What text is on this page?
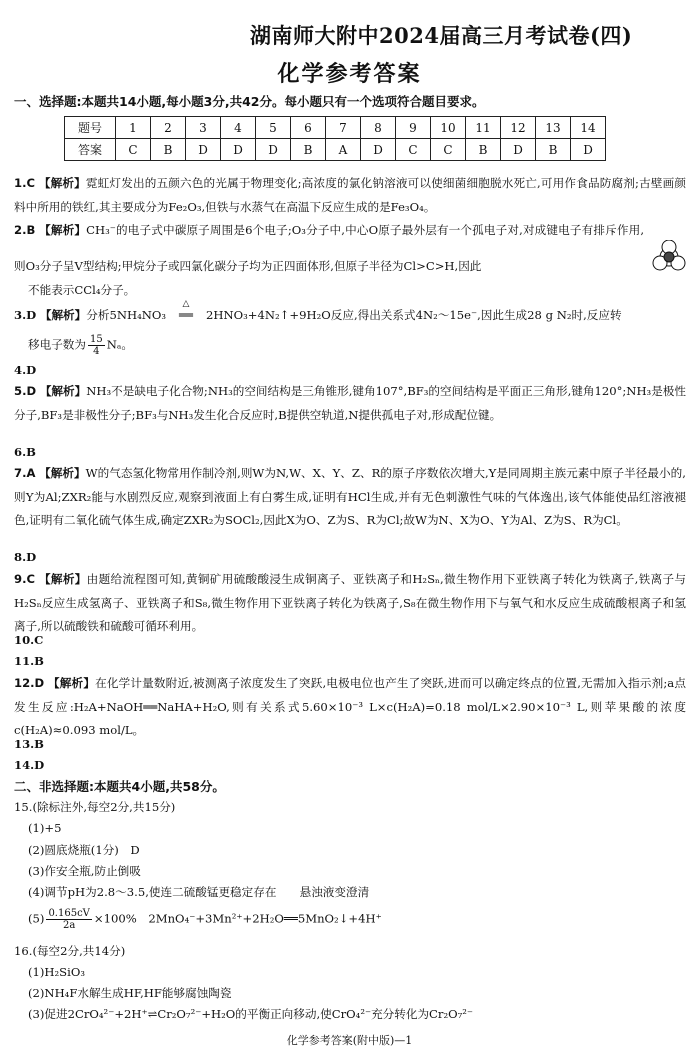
湖南师大附中2024届高三月考试卷(四)
化学参考答案
一、选择题:本题共14小题,每小题3分,共42分。每小题只有一个选项符合题目要求。
题号	1	2	3	4	5	6	7	8	9	10	11	12	13	14
答案	C	B	D	D	D	B	A	D	C	C	B	D	B	D
1.C 【解析】霓虹灯发出的五颜六色的光属于物理变化;高浓度的氯化钠溶液可以使细菌细胞脱水死亡,可用作食品防腐剂;古壁画颜料中所用的铁红,其主要成分为Fe₂O₃,但铁与水蒸气在高温下反应生成的是Fe₃O₄。
2.B 【解析】CH₃⁻的电子式中碳原子周围是6个电子;O₃分子中,中心O原子最外层有一个孤电子对,对成键电子有排斥作用,则O₃分子呈V型结构;甲烷分子或四氯化碳分子均为正四面体形,但原子半径为Cl>C>H,因此
不能表示CCl₄分子。
3.D 【解析】分析5NH₄NO₃
△
══ 2HNO₃+4N₂↑+9H₂O反应,得出关系式4N₂～15e⁻,因此生成28 g N₂时,反应转
移电子数为 $\frac{15}{4}$ Nₐ。
4.D
5.D 【解析】NH₃不是缺电子化合物;NH₃的空间结构是三角锥形,键角107°,BF₃的空间结构是平面正三角形,键角120°;NH₃是极性分子,BF₃是非极性分子;BF₃与NH₃发生化合反应时,B提供空轨道,N提供孤电子对,形成配位键。
6.B
7.A 【解析】W的气态氢化物常用作制冷剂,则W为N,W、X、Y、Z、R的原子序数依次增大,Y是同周期主族元素中原子半径最小的,则Y为Al;ZXR₂能与水剧烈反应,观察到液面上有白雾生成,证明有HCl生成,并有无色刺激性气味的气体逸出,该气体能使品红溶液褪色,证明有二氧化硫气体生成,确定ZXR₂为SOCl₂,因此X为O、Z为S、R为Cl;故W为N、X为O、Y为Al、Z为S、R为Cl。
8.D
9.C 【解析】由题给流程图可知,黄铜矿用硫酸酸浸生成铜离子、亚铁离子和H₂Sₙ,微生物作用下亚铁离子转化为铁离子,铁离子与H₂Sₙ反应生成氢离子、亚铁离子和S₈,微生物作用下亚铁离子转化为铁离子,S₈在微生物作用下与氧气和水反应生成硫酸根离子和氢离子,所以硫酸铁和硫酸可循环利用。
10.C
11.B
12.D 【解析】在化学计量数附近,被测离子浓度发生了突跃,电极电位也产生了突跃,进而可以确定终点的位置,无需加入指示剂;a点发生反应:H₂A+NaOH══NaHA+H₂O,则有关系式5.60×10⁻³ L×c(H₂A)=0.18 mol/L×2.90×10⁻³ L,则苹果酸的浓度c(H₂A)≈0.093 mol/L。
13.B
14.D
二、非选择题:本题共4小题,共58分。
15.(除标注外,每空2分,共15分)
(1)+5
(2)圆底烧瓶(1分)　D
(3)作安全瓶,防止倒吸
(4)调节pH为2.8～3.5,使连二硫酸锰更稳定存在　　悬浊液变澄清
$(5) \frac{0.165cV}{2a} \times 100\%$　2MnO₄⁻+3Mn²⁺+2H₂O══5MnO₂↓+4H⁺
16.(每空2分,共14分)
(1)H₂SiO₃
(2)NH₄F水解生成HF,HF能够腐蚀陶瓷
(3)促进2CrO₄²⁻+2H⁺⇌Cr₂O₇²⁻+H₂O的平衡正向移动,使CrO₄²⁻充分转化为Cr₂O₇²⁻
化学参考答案(附中版)—1
